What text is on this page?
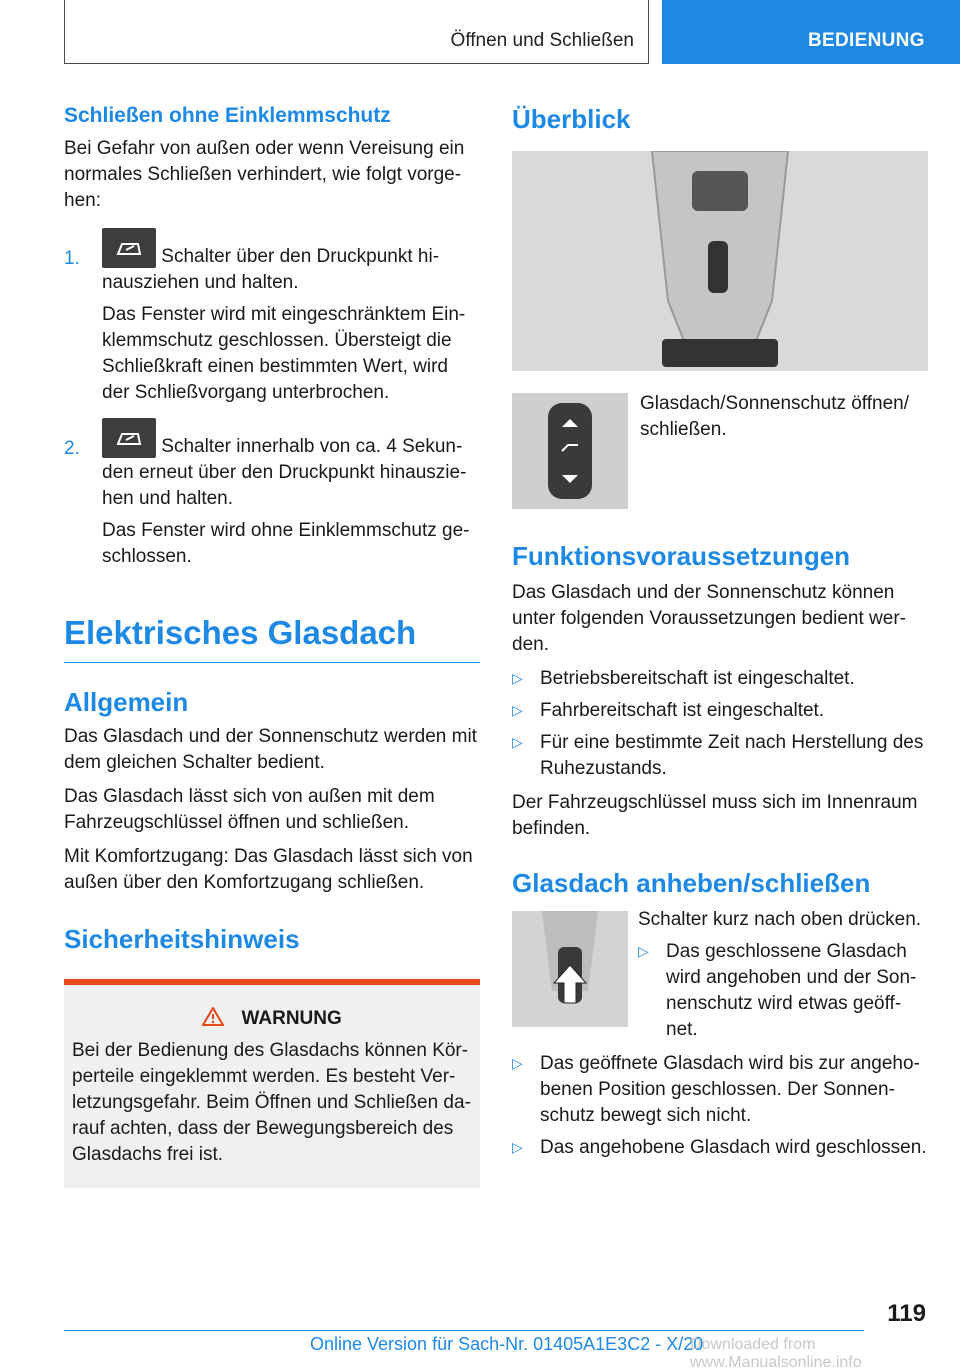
Öffnen und Schließen	BEDIENUNG
Schließen ohne Einklemmschutz

Bei Gefahr von außen oder wenn Vereisung ein normales Schließen verhindert, wie folgt vorge-hen:

1.	Schalter über den Druckpunkt hi-nausziehen und halten.

Das Fenster wird mit eingeschränktem Ein-klemmschutz geschlossen. Übersteigt die Schließkraft einen bestimmten Wert, wird der Schließvorgang unterbrochen.

2.	Schalter innerhalb von ca. 4 Sekun-den erneut über den Druckpunkt hinauszie-hen und halten.

Das Fenster wird ohne Einklemmschutz ge-schlossen.

Elektrisches Glasdach
Allgemein

Das Glasdach und der Sonnenschutz werden mit dem gleichen Schalter bedient.

Das Glasdach lässt sich von außen mit dem Fahrzeugschlüssel öffnen und schließen.

Mit Komfortzugang: Das Glasdach lässt sich von außen über den Komfortzugang schließen.

Sicherheitshinweis
WARNUNG

Bei der Bedienung des Glasdachs können Kör-perteile eingeklemmt werden. Es besteht Ver-letzungsgefahr. Beim Öffnen und Schließen da-rauf achten, dass der Bewegungsbereich des Glasdachs frei ist.

Überblick

Glasdach/Sonnenschutz öffnen/ schließen.

Funktionsvoraussetzungen

Das Glasdach und der Sonnenschutz können unter folgenden Voraussetzungen bedient wer-den.

▷ Betriebsbereitschaft ist eingeschaltet.

▷ Fahrbereitschaft ist eingeschaltet.

▷ Für eine bestimmte Zeit nach Herstellung des Ruhezustands.

Der Fahrzeugschlüssel muss sich im Innenraum befinden.

Glasdach anheben/schließen

Schalter kurz nach oben drücken.

▷ Das geschlossene Glasdach wird angehoben und der Son-nenschutz wird etwas geöff-net.

▷ Das geöffnete Glasdach wird bis zur angeho-benen Position geschlossen. Der Sonnen-schutz bewegt sich nicht.

▷ Das angehobene Glasdach wird geschlossen.

119
Online Version für Sach-Nr. 01405A1E3C2 - X/20
Downloaded from www.Manualsonline.info
